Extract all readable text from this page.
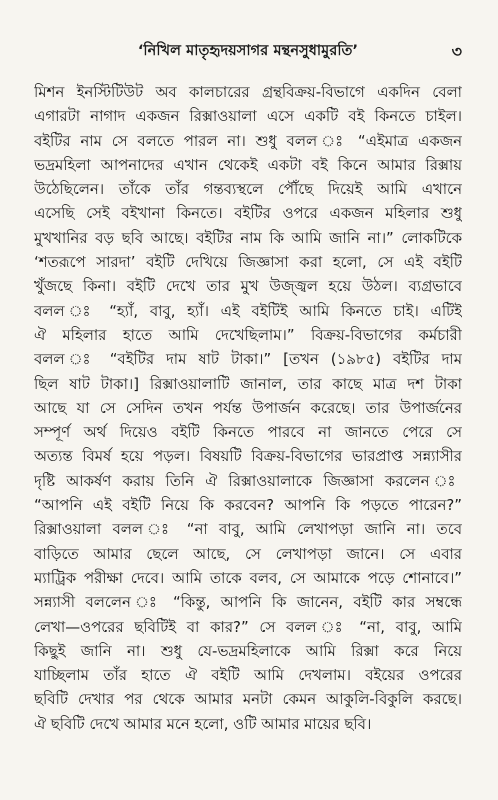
‘নিখিল মাতৃহৃদয়সাগর মন্থনসুধামুরতি’	৩
মিশন ইনস্টিটিউট অব কালচারের গ্রন্থবিক্রয়-বিভাগে একদিন বেলা
এগারটা নাগাদ একজন রিক্সাওয়ালা এসে একটি বই কিনতে চাইল।
বইটির নাম সে বলতে পারল না। শুধু বলল ঃ “এইমাত্র একজন
ভদ্রমহিলা আপনাদের এখান থেকেই একটা বই কিনে আমার রিক্সায়
উঠেছিলেন। তাঁকে তাঁর গন্তব্যস্থলে পৌঁছে দিয়েই আমি এখানে
এসেছি সেই বইখানা কিনতে। বইটির ওপরে একজন মহিলার শুধু
মুখখানির বড় ছবি আছে। বইটির নাম কি আমি জানি না।” লোকটিকে
‘শতরূপে সারদা’ বইটি দেখিয়ে জিজ্ঞাসা করা হলো, সে এই বইটি
খুঁজছে কিনা। বইটি দেখে তার মুখ উজ্জ্বল হয়ে উঠল। ব্যগ্রভাবে
বলল ঃ “হ্যাঁ, বাবু, হ্যাঁ। এই বইটিই আমি কিনতে চাই। এটিই
ঐ মহিলার হাতে আমি দেখেছিলাম।” বিক্রয়-বিভাগের কর্মচারী
বলল ঃ “বইটির দাম ষাট টাকা।” [তখন (১৯৮৫) বইটির দাম
ছিল ষাট টাকা।] রিক্সাওয়ালাটি জানাল, তার কাছে মাত্র দশ টাকা
আছে যা সে সেদিন তখন পর্যন্ত উপার্জন করেছে। তার উপার্জনের
সম্পূর্ণ অর্থ দিয়েও বইটি কিনতে পারবে না জানতে পেরে সে
অত্যন্ত বিমর্ষ হয়ে পড়ল। বিষয়টি বিক্রয়-বিভাগের ভারপ্রাপ্ত সন্ন্যাসীর
দৃষ্টি আকর্ষণ করায় তিনি ঐ রিক্সাওয়ালাকে জিজ্ঞাসা করলেন ঃ
“আপনি এই বইটি নিয়ে কি করবেন? আপনি কি পড়তে পারেন?”
রিক্সাওয়ালা বলল ঃ “না বাবু, আমি লেখাপড়া জানি না। তবে
বাড়িতে আমার ছেলে আছে, সে লেখাপড়া জানে। সে এবার
ম্যাট্রিক পরীক্ষা দেবে। আমি তাকে বলব, সে আমাকে পড়ে শোনাবে।”
সন্ন্যাসী বললেন ঃ “কিন্তু, আপনি কি জানেন, বইটি কার সম্বন্ধে
লেখা—ওপরের ছবিটিই বা কার?” সে বলল ঃ “না, বাবু, আমি
কিছুই জানি না। শুধু যে-ভদ্রমহিলাকে আমি রিক্সা করে নিয়ে
যাচ্ছিলাম তাঁর হাতে ঐ বইটি আমি দেখলাম। বইয়ের ওপরের
ছবিটি দেখার পর থেকে আমার মনটা কেমন আকুলি-বিকুলি করছে।
ঐ ছবিটি দেখে আমার মনে হলো, ওটি আমার মায়ের ছবি।
